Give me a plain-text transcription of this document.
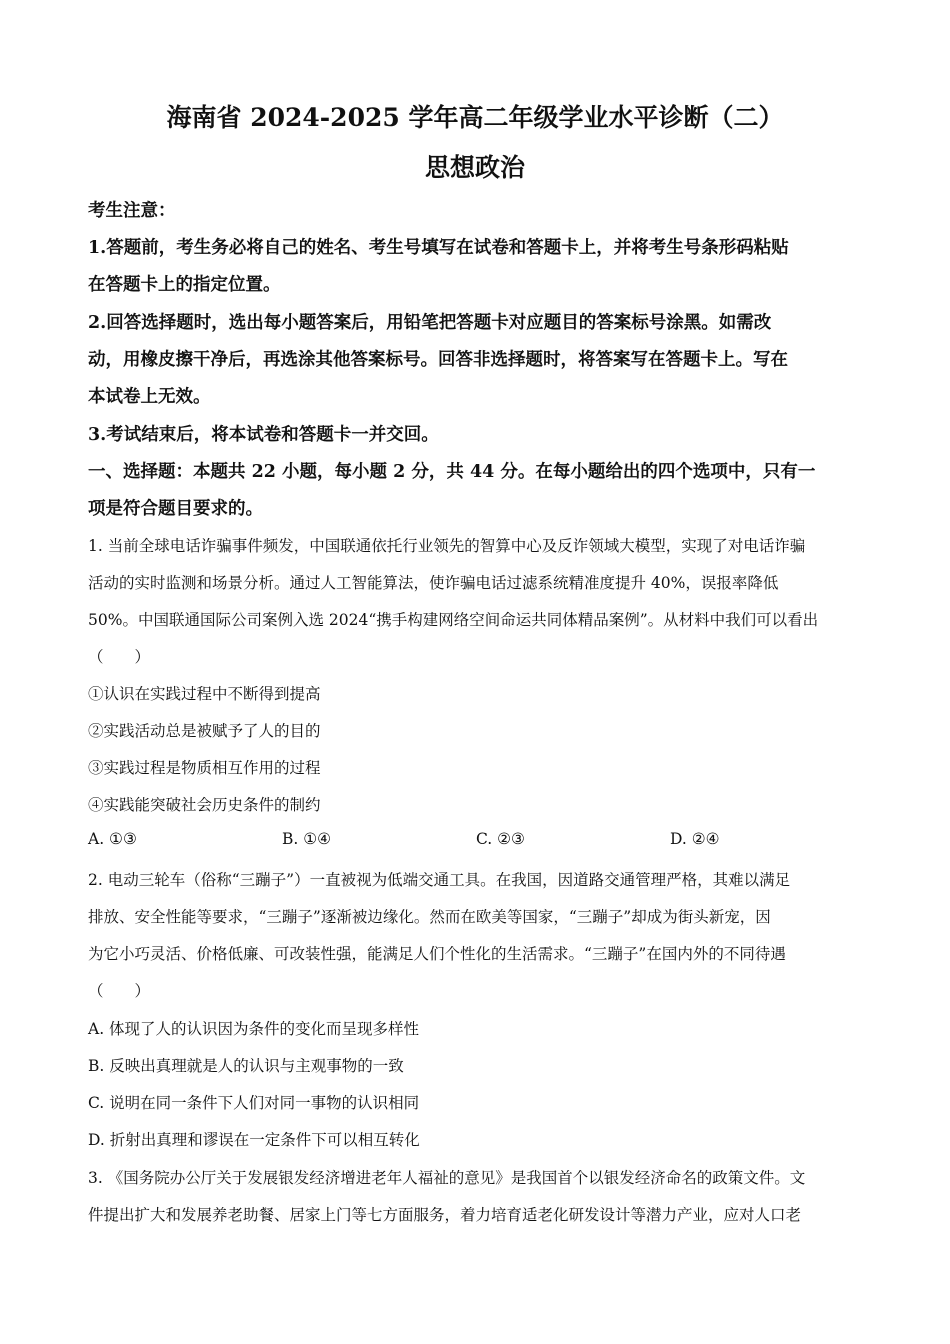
海南省 2024-2025 学年高二年级学业水平诊断（二）
思想政治
考生注意：
1.答题前，考生务必将自己的姓名、考生号填写在试卷和答题卡上，并将考生号条形码粘贴
在答题卡上的指定位置。
2.回答选择题时，选出每小题答案后，用铅笔把答题卡对应题目的答案标号涂黑。如需改
动，用橡皮擦干净后，再选涂其他答案标号。回答非选择题时，将答案写在答题卡上。写在
本试卷上无效。
3.考试结束后，将本试卷和答题卡一并交回。
一、选择题：本题共 22 小题，每小题 2 分，共 44 分。在每小题给出的四个选项中，只有一
项是符合题目要求的。
1. 当前全球电话诈骗事件频发，中国联通依托行业领先的智算中心及反诈领域大模型，实现了对电话诈骗
活动的实时监测和场景分析。通过人工智能算法，使诈骗电话过滤系统精准度提升 40%，误报率降低
50%。中国联通国际公司案例入选 2024“携手构建网络空间命运共同体精品案例”。从材料中我们可以看出
（　　）
①认识在实践过程中不断得到提高
②实践活动总是被赋予了人的目的
③实践过程是物质相互作用的过程
④实践能突破社会历史条件的制约
A. ①③	B. ①④	C. ②③	D. ②④
2. 电动三轮车（俗称“三蹦子”）一直被视为低端交通工具。在我国，因道路交通管理严格，其难以满足
排放、安全性能等要求，“三蹦子”逐渐被边缘化。然而在欧美等国家，“三蹦子”却成为街头新宠，因
为它小巧灵活、价格低廉、可改装性强，能满足人们个性化的生活需求。“三蹦子”在国内外的不同待遇
（　　）
A. 体现了人的认识因为条件的变化而呈现多样性
B. 反映出真理就是人的认识与主观事物的一致
C. 说明在同一条件下人们对同一事物的认识相同
D. 折射出真理和谬误在一定条件下可以相互转化
3. 《国务院办公厅关于发展银发经济增进老年人福祉的意见》是我国首个以银发经济命名的政策文件。文
件提出扩大和发展养老助餐、居家上门等七方面服务，着力培育适老化研发设计等潜力产业，应对人口老
